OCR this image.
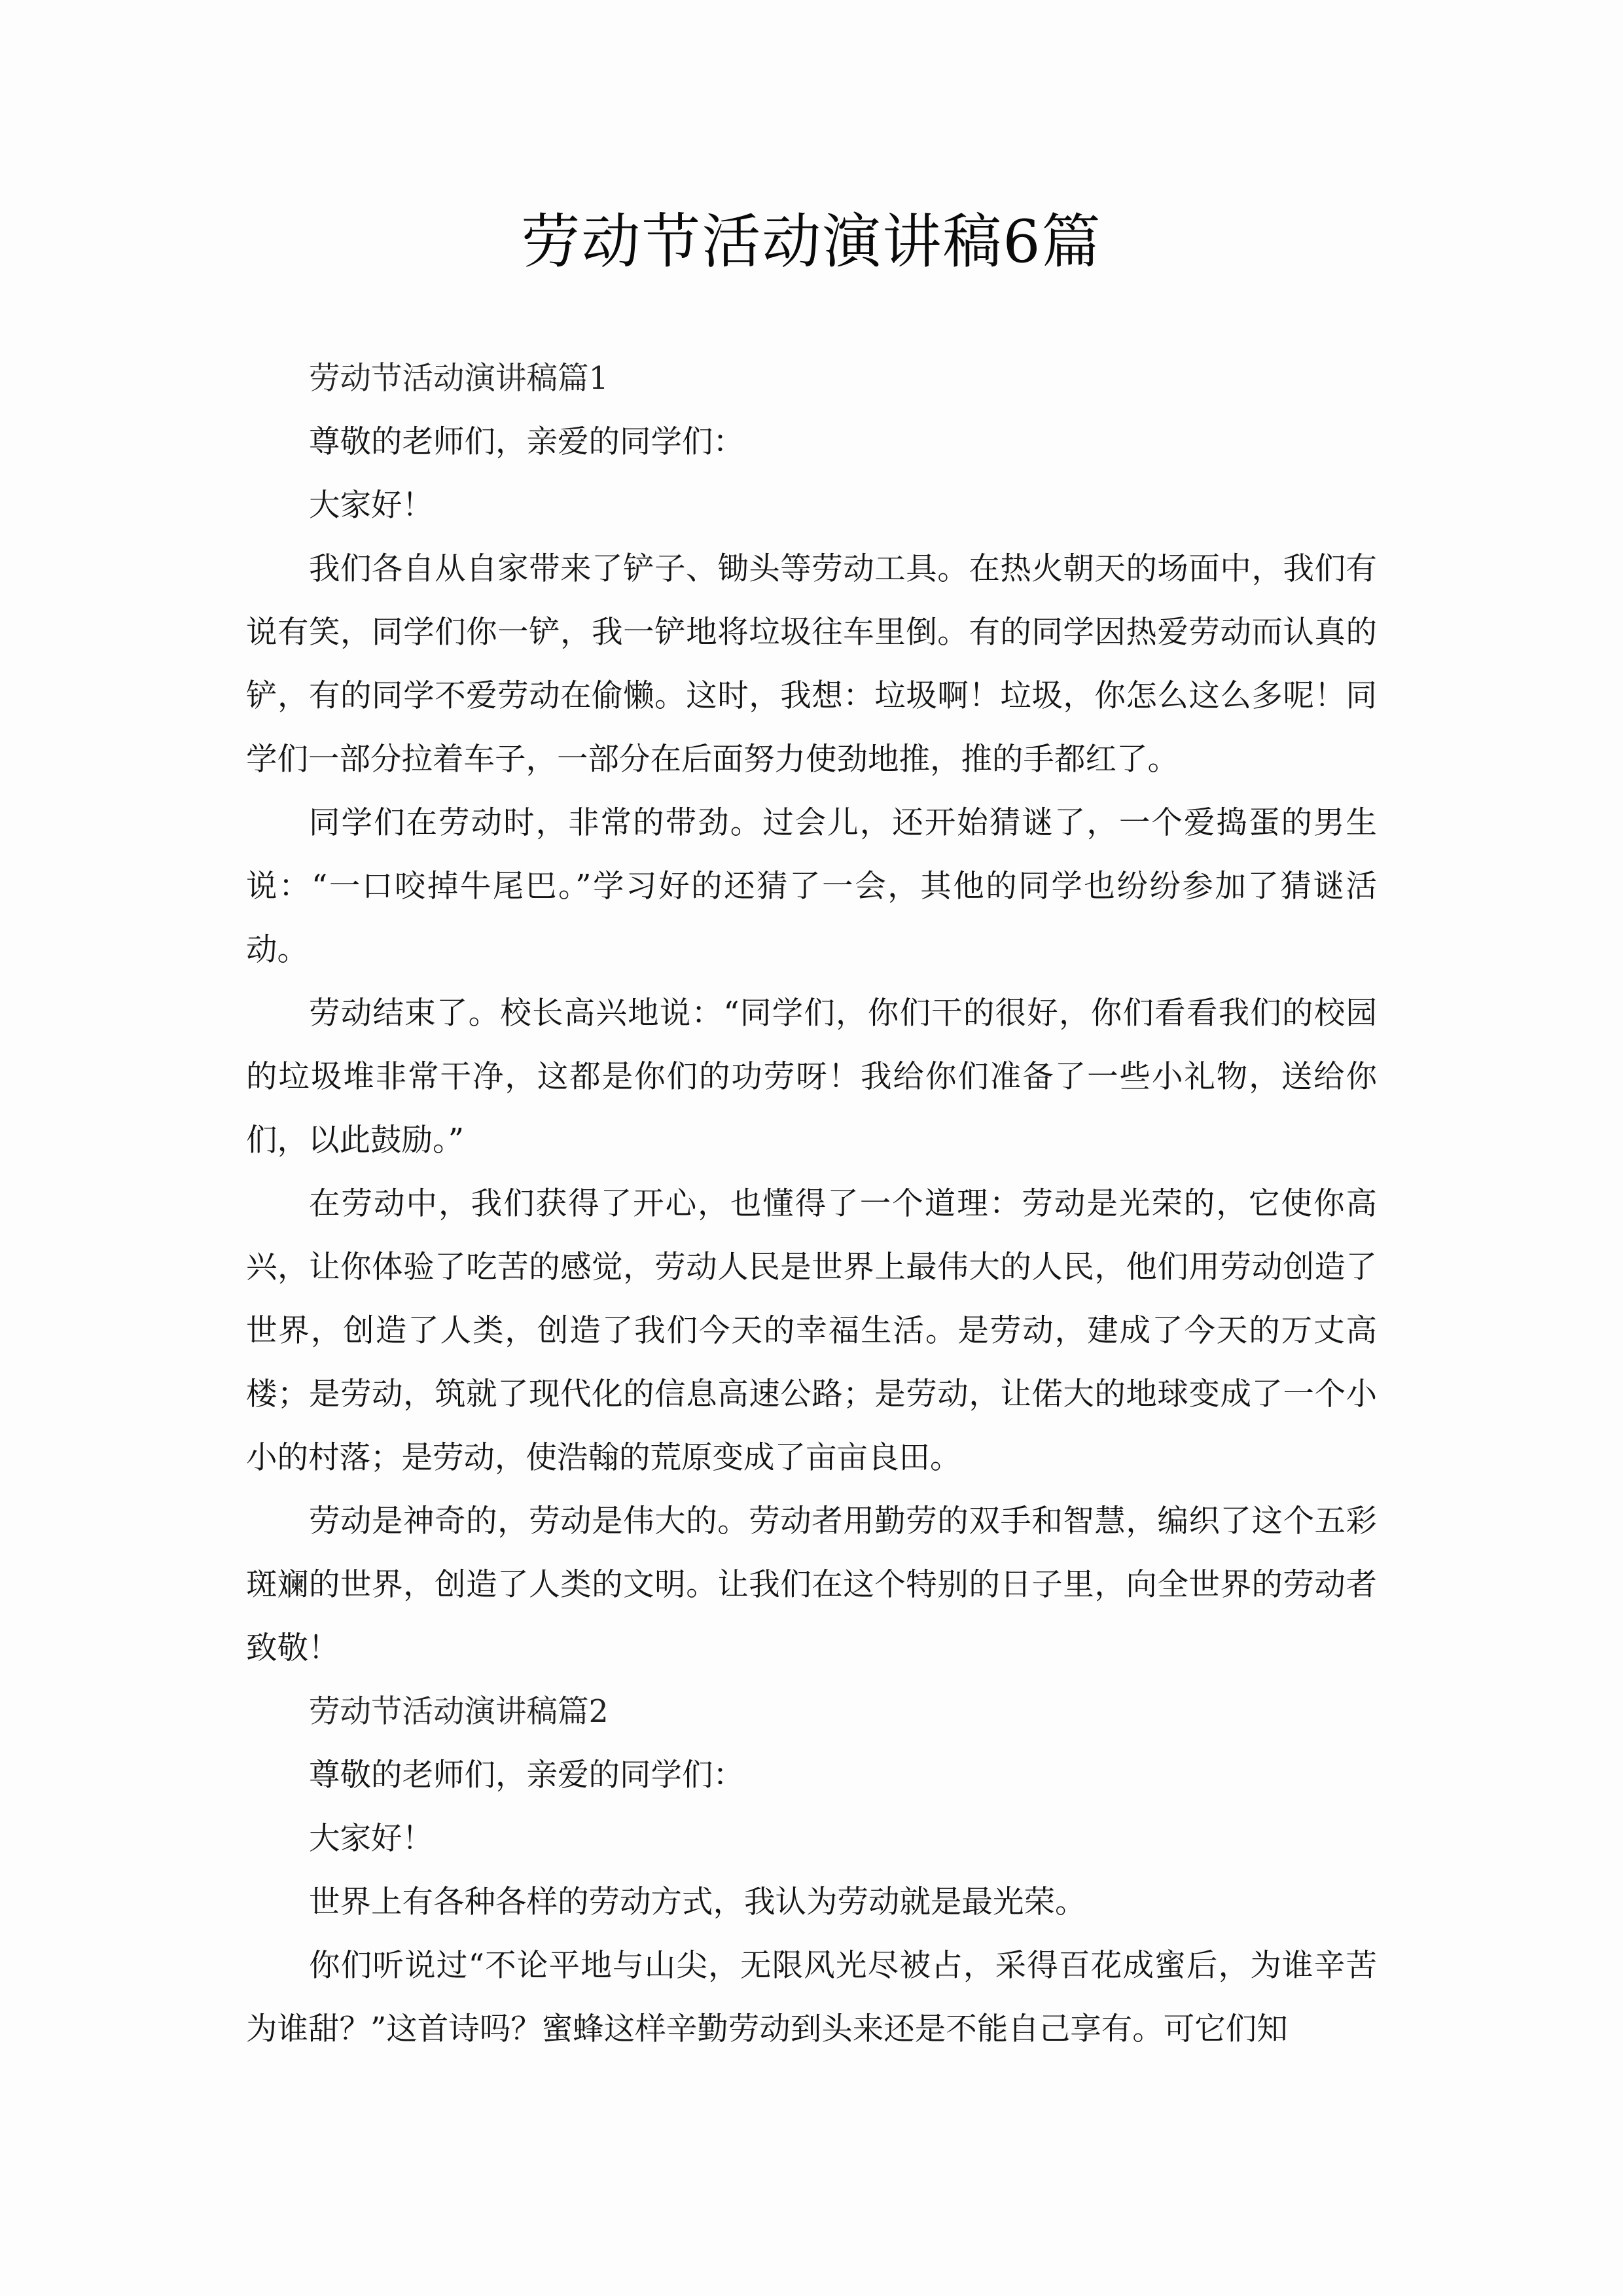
劳动节活动演讲稿6篇

劳动节活动演讲稿篇1

尊敬的老师们，亲爱的同学们：

大家好！

我们各自从自家带来了铲子、锄头等劳动工具。在热火朝天的场面中，我们有说有笑，同学们你一铲，我一铲地将垃圾往车里倒。有的同学因热爱劳动而认真的铲，有的同学不爱劳动在偷懒。这时，我想：垃圾啊！垃圾，你怎么这么多呢！同学们一部分拉着车子，一部分在后面努力使劲地推，推的手都红了。

同学们在劳动时，非常的带劲。过会儿，还开始猜谜了，一个爱捣蛋的男生说：“一口咬掉牛尾巴。”学习好的还猜了一会，其他的同学也纷纷参加了猜谜活动。

劳动结束了。校长高兴地说：“同学们，你们干的很好，你们看看我们的校园的垃圾堆非常干净，这都是你们的功劳呀！我给你们准备了一些小礼物，送给你们，以此鼓励。”

在劳动中，我们获得了开心，也懂得了一个道理：劳动是光荣的，它使你高兴，让你体验了吃苦的感觉，劳动人民是世界上最伟大的人民，他们用劳动创造了世界，创造了人类，创造了我们今天的幸福生活。是劳动，建成了今天的万丈高楼；是劳动，筑就了现代化的信息高速公路；是劳动，让偌大的地球变成了一个小小的村落；是劳动，使浩翰的荒原变成了亩亩良田。

劳动是神奇的，劳动是伟大的。劳动者用勤劳的双手和智慧，编织了这个五彩斑斓的世界，创造了人类的文明。让我们在这个特别的日子里，向全世界的劳动者致敬！

劳动节活动演讲稿篇2

尊敬的老师们，亲爱的同学们：

大家好！

世界上有各种各样的劳动方式，我认为劳动就是最光荣。

你们听说过“不论平地与山尖，无限风光尽被占，采得百花成蜜后，为谁辛苦为谁甜？”这首诗吗？蜜蜂这样辛勤劳动到头来还是不能自己享有。可它们知
